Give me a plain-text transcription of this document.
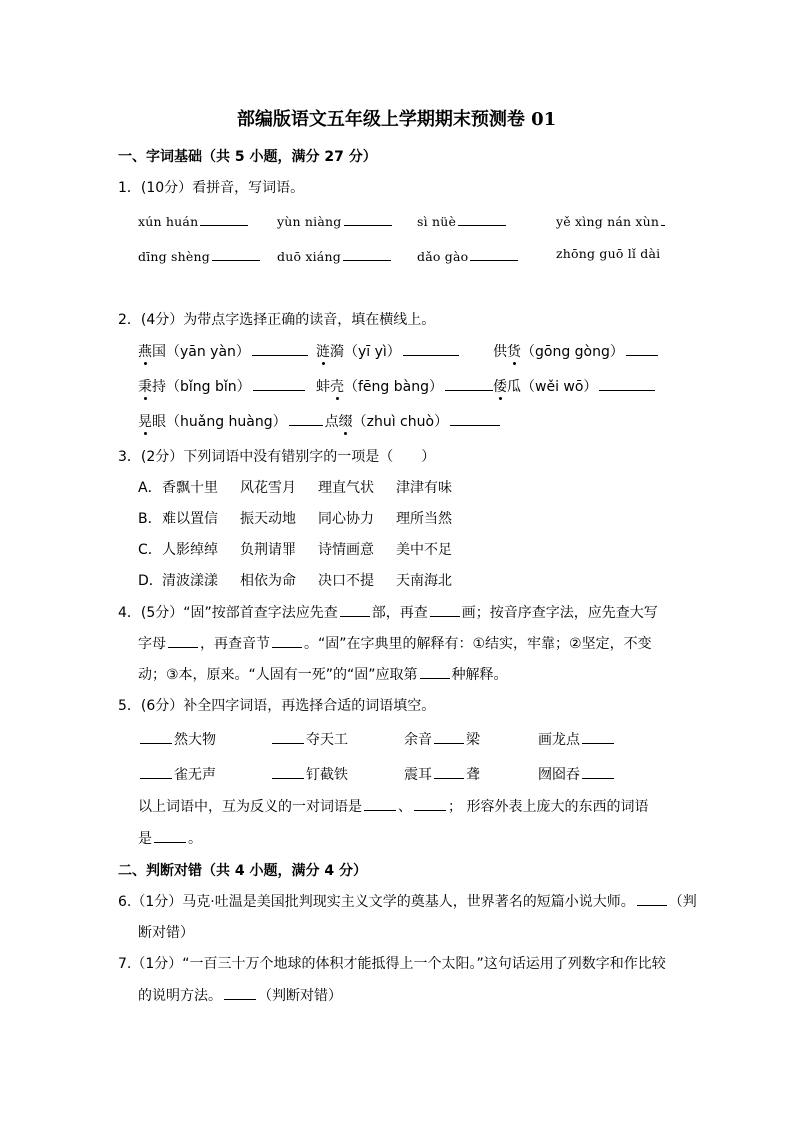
部编版语文五年级上学期期末预测卷 01
一、字词基础（共 5 小题，满分 27 分）
1．(10分）看拼音，写词语。
xún huán	yùn niàng	sì nüè	yě xìng nán xùn
dīng shèng	duō xiáng	dǎo gào	zhōng guō lǐ dài
2．(4分）为带点字选择正确的读音，填在横线上。
燕国（yān yàn）	涟漪（yī yì）	供货（gōng gòng）
秉持（bǐng bǐn）	蚌壳（fēng bàng）	倭瓜（wěi wō）
晃眼（huǎng huàng）	点缀（zhuì chuò）
3．(2分）下列词语中没有错别字的一项是（　　）
A．香飘十里 风花雪月 理直气状 津津有味
B．难以置信 振天动地 同心协力 理所当然
C．人影绰绰 负荆请罪 诗情画意 美中不足
D．清波漾漾 相依为命 决口不提 天南海北
4．(5分）“固”按部首查字法应先查 部，再查 画；按音序查字法，应先查大写
字母 ，再查音节 。“固”在字典里的解释有：①结实，牢靠；②坚定，不变
动；③本，原来。“人固有一死”的“固”应取第 种解释。
5．(6分）补全四字词语，再选择合适的词语填空。
然大物	夺天工	余音 梁	画龙点
雀无声	钉截铁	震耳 聋	囫囵吞
以上词语中，互为反义的一对词语是	、	； 形容外表上庞大的东西的词语
是	。
二、判断对错（共 4 小题，满分 4 分）
6.（1分）马克·吐温是美国批判现实主义文学的奠基人，世界著名的短篇小说大师。 （判
断对错）
7.（1分）“一百三十万个地球的体积才能抵得上一个太阳。”这句话运用了列数字和作比较
的说明方法。	（判断对错）
